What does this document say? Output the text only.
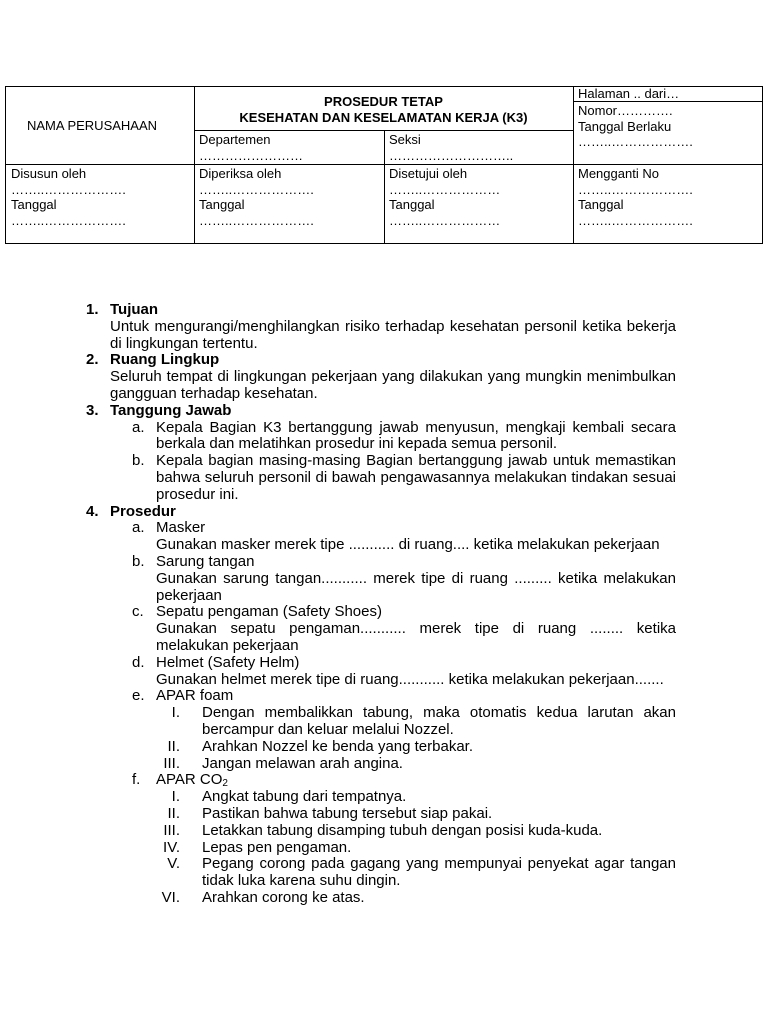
NAMA PERUSAHAAN
PROSEDUR TETAP
KESEHATAN DAN KESELAMATAN KERJA (K3)
Halaman .. dari…
Nomor………….
Tanggal Berlaku
……..……………….
Departemen
……………………
Seksi
………………………..
Disusun oleh
……..……………….
Tanggal
……..……………….
Diperiksa oleh
……..……………….
Tanggal
……..……………….
Disetujui oleh
……..………………
Tanggal
……..………………
Mengganti No
……..……………….
Tanggal
……..……………….
1. Tujuan
Untuk mengurangi/menghilangkan risiko terhadap kesehatan personil ketika bekerja di lingkungan tertentu.
2. Ruang Lingkup
Seluruh tempat di lingkungan pekerjaan yang dilakukan yang mungkin menimbulkan gangguan terhadap kesehatan.
3. Tanggung Jawab
a. Kepala Bagian K3 bertanggung jawab menyusun, mengkaji kembali secara berkala dan melatihkan prosedur ini kepada semua personil.
b. Kepala bagian masing-masing Bagian bertanggung jawab untuk memastikan bahwa seluruh personil di bawah pengawasannya melakukan tindakan sesuai prosedur ini.
4. Prosedur
a. Masker
Gunakan masker merek tipe ........... di ruang.... ketika melakukan pekerjaan
b. Sarung tangan
Gunakan sarung tangan........... merek tipe di ruang ......... ketika melakukan pekerjaan
c. Sepatu pengaman (Safety Shoes)
Gunakan sepatu pengaman........... merek tipe di ruang ........ ketika melakukan pekerjaan
d. Helmet (Safety Helm)
Gunakan helmet merek tipe di ruang........... ketika melakukan pekerjaan.......
e. APAR foam
I. Dengan membalikkan tabung, maka otomatis kedua larutan akan bercampur dan keluar melalui Nozzel.
II. Arahkan Nozzel ke benda yang terbakar.
III. Jangan melawan arah angina.
f. APAR $CO_2$
I. Angkat tabung dari tempatnya.
II. Pastikan bahwa tabung tersebut siap pakai.
III. Letakkan tabung disamping tubuh dengan posisi kuda-kuda.
IV. Lepas pen pengaman.
V. Pegang corong pada gagang yang mempunyai penyekat agar tangan tidak luka karena suhu dingin.
VI. Arahkan corong ke atas.
